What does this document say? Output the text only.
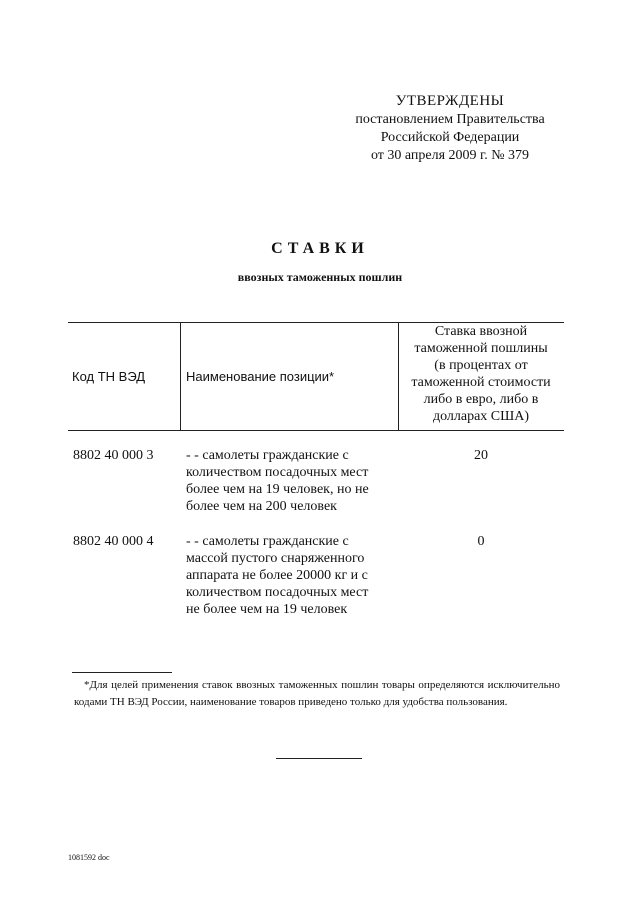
УТВЕРЖДЕНЫ
постановлением Правительства
Российской Федерации
от 30 апреля 2009 г. № 379
СТАВКИ
ввозных таможенных пошлин
Код ТН ВЭД	Наименование позиции*
Ставка ввозной
таможенной пошлины
(в процентах от
таможенной стоимости
либо в евро, либо в
долларах США)
8802 40 000 3 - - самолеты гражданские с
количеством посадочных мест
более чем на 19 человек, но не
более чем на 200 человек
20
8802 40 000 4 - - самолеты гражданские с
массой пустого снаряженного
аппарата не более 20000 кг и с
количеством посадочных мест
не более чем на 19 человек
0
*Для целей применения ставок ввозных таможенных пошлин товары определяются исключительно кодами ТН ВЭД России, наименование товаров приведено только для удобства пользования.
1081592 doc
